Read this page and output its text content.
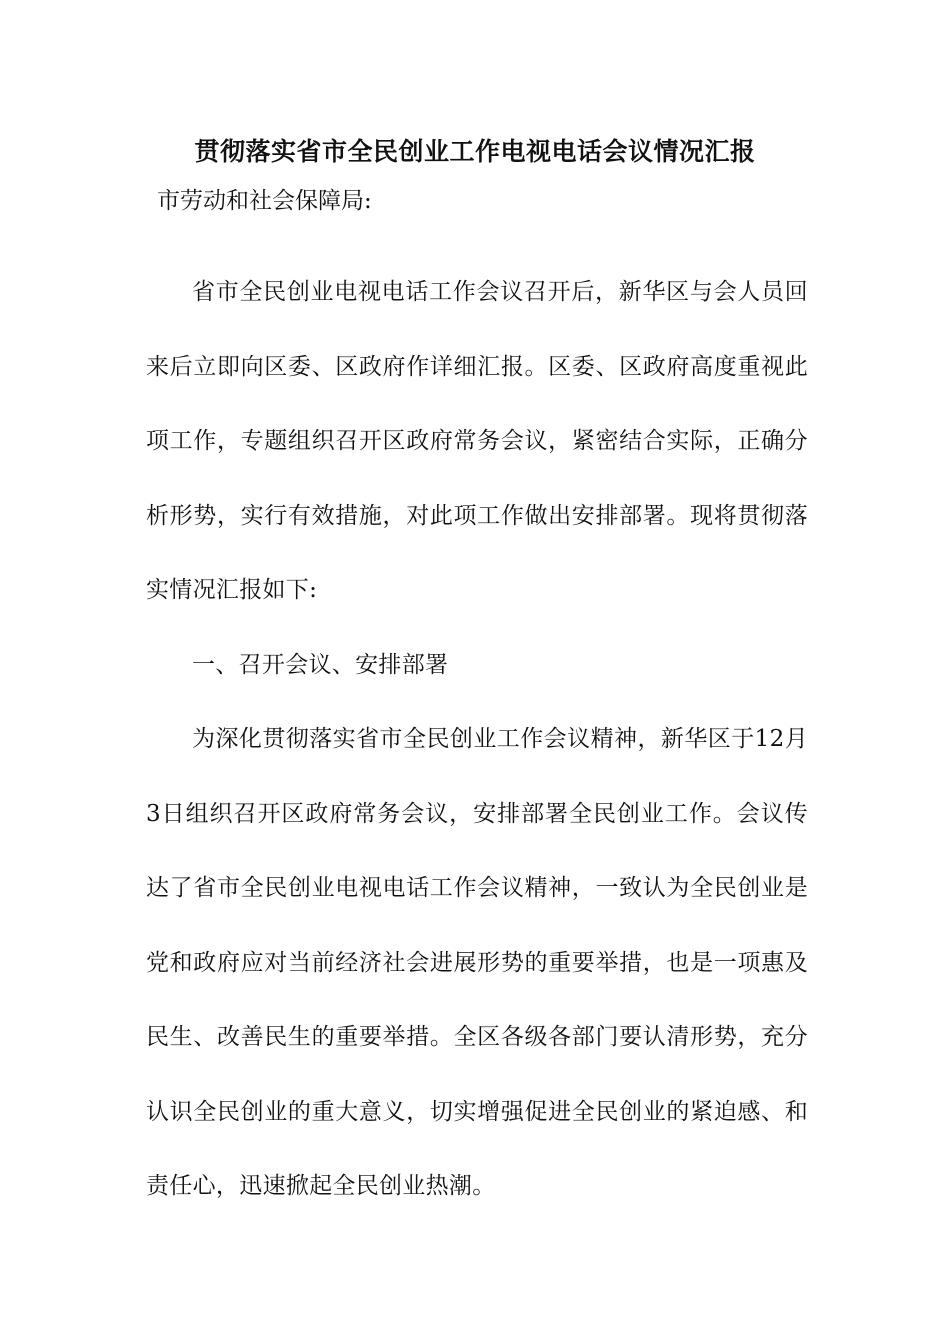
贯彻落实省市全民创业工作电视电话会议情况汇报

市劳动和社会保障局:

省市全民创业电视电话工作会议召开后，新华区与会人员回来后立即向区委、区政府作详细汇报。区委、区政府高度重视此项工作，专题组织召开区政府常务会议，紧密结合实际，正确分析形势，实行有效措施，对此项工作做出安排部署。现将贯彻落实情况汇报如下:

一、召开会议、安排部署

为深化贯彻落实省市全民创业工作会议精神，新华区于12月3日组织召开区政府常务会议，安排部署全民创业工作。会议传达了省市全民创业电视电话工作会议精神，一致认为全民创业是党和政府应对当前经济社会进展形势的重要举措，也是一项惠及民生、改善民生的重要举措。全区各级各部门要认清形势，充分认识全民创业的重大意义，切实增强促进全民创业的紧迫感、和责任心，迅速掀起全民创业热潮。
